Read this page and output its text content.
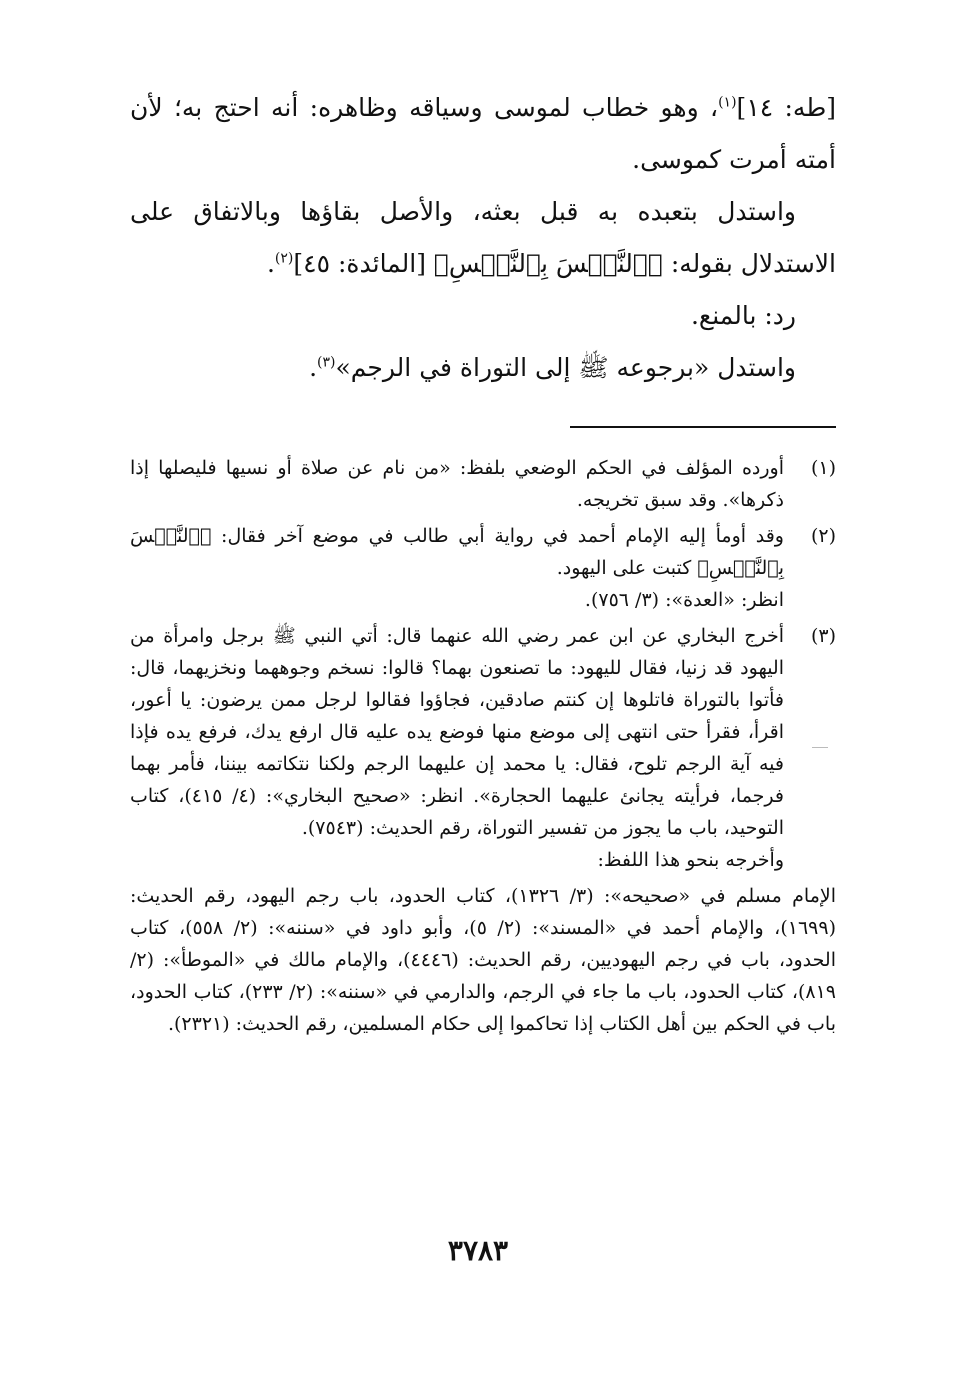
[طه: ١٤]$^{(١)}$، وهو خطاب لموسى وسياقه وظاهره: أنه احتج به؛ لأن أمته أمرت كموسى.

واستدل بتعبده به قبل بعثه، والأصل بقاؤها وبالاتفاق على الاستدلال بقوله: ﴿ٱلنَّفۡسَ بِٱلنَّفۡسِ﴾ [المائدة: ٤٥]$^{(٢)}$.

رد: بالمنع.

واستدل «برجوعه ﷺ إلى التوراة في الرجم»$^{(٣)}$.

(١)

أورده المؤلف في الحكم الوضعي بلفظ: «من نام عن صلاة أو نسيها فليصلها إذا ذكرها». وقد سبق تخريجه.

(٢)

وقد أومأ إليه الإمام أحمد في رواية أبي طالب في موضع آخر فقال: ﴿ٱلنَّفۡسَ بِٱلنَّفۡسِ﴾ كتبت على اليهود.

انظر: «العدة»: (٣/ ٧٥٦).

(٣)

أخرج البخاري عن ابن عمر رضي الله عنهما قال: أتي النبي ﷺ برجل وامرأة من اليهود قد زنيا، فقال لليهود: ما تصنعون بهما؟ قالوا: نسخم وجوههما ونخزيهما، قال: فأتوا بالتوراة فاتلوها إن كنتم صادقين، فجاؤوا فقالوا لرجل ممن يرضون: يا أعور، اقرأ، فقرأ حتى انتهى إلى موضع منها فوضع يده عليه قال ارفع يدك، فرفع يده فإذا فيه آية الرجم تلوح، فقال: يا محمد إن عليهما الرجم ولكنا نتكاتمه بيننا، فأمر بهما فرجما، فرأيته يجانئ عليهما الحجارة». انظر: «صحيح البخاري»: (٤/ ٤١٥)، كتاب التوحيد، باب ما يجوز من تفسير التوراة، رقم الحديث: (٧٥٤٣).

وأخرجه بنحو هذا اللفظ:

الإمام مسلم في «صحيحه»: (٣/ ١٣٢٦)، كتاب الحدود، باب رجم اليهود، رقم الحديث: (١٦٩٩)، والإمام أحمد في «المسند»: (٢/ ٥)، وأبو داود في «سننه»: (٢/ ٥٥٨)، كتاب الحدود، باب في رجم اليهوديين، رقم الحديث: (٤٤٤٦)، والإمام مالك في «الموطأ»: (٢/ ٨١٩)، كتاب الحدود، باب ما جاء في الرجم، والدارمي في «سننه»: (٢/ ٢٣٣)، كتاب الحدود، باب في الحكم بين أهل الكتاب إذا تحاكموا إلى حكام المسلمين، رقم الحديث: (٢٣٢١).

٣٧٨٣
